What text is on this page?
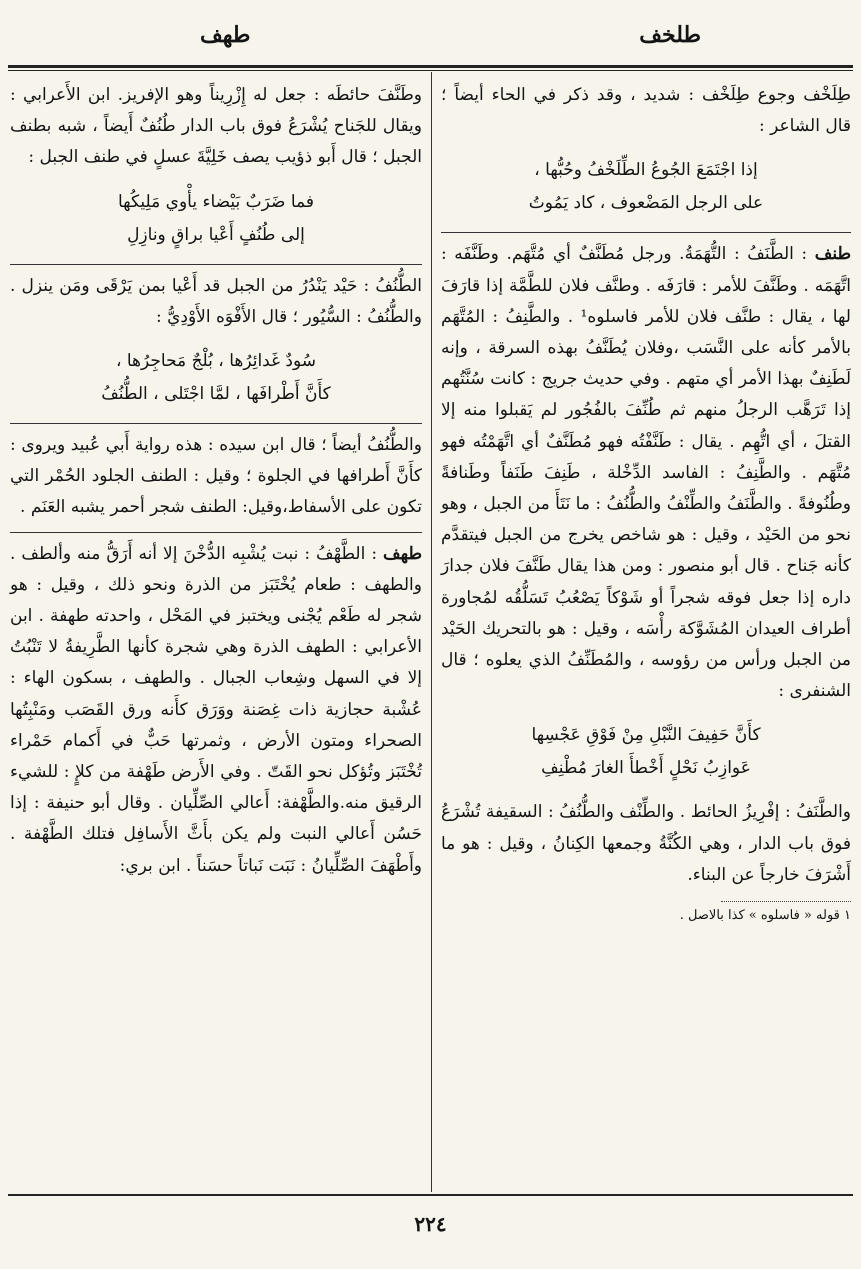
طلخف
طهف

طِلَخْف وجوع طِلَخْف : شديد ، وقد ذكر في الحاء أيضاً ؛ قال الشاعر :

إذا اجْتَمَعَ الجُوعُ الطِّلَخْفُ وحُبُّها ،
على الرجل المَضْعوف ، كاد يَمُوتُ

طنف : الطَّنَفُ : التُّهَمَةُ. ورجل مُطَنَّفٌ أي مُتَّهَم. وطَنَّفَه : اتَّهَمَه . وطَنَّفَ للأمر : قارَفَه . وطنَّف فلان للطَّمَّة إذا قارَفَ لها ، يقال : طنَّف فلان للأمر فاسلوه¹ . والطَّنِفُ : المُتَّهَم بالأمر كأنه على النَّسَب ،وفلان يُطَنَّفُ بهذه السرقة ، وإنه لَطَنِفٌ بهذا الأمر أي متهم . وفي حديث جريج : كانت سُنَّتُهم إذا تَرَهَّب الرجلُ منهم ثم طُنِّفَ بالفُجُور لم يَقبلوا منه إلا القتلَ ، أي اتُّهِم . يقال : طَنَّفْتُه فهو مُطَنَّفٌ أي اتَّهَمْتُه فهو مُتَّهَم . والطَّنِفُ : الفاسد الدِّخْلة ، طَنِفَ طَنَفاً وطَنافةً وطُنُوفةً . والطَّنَفُ والطِّنْفُ والطُّنُفُ : ما نَتَأَ من الجبل ، وهو نحو من الحَيْد ، وقيل : هو شاخص يخرج من الجبل فيتقدَّم كأنه جَناح . قال أبو منصور : ومن هذا يقال طَنَّفَ فلان جدارَ داره إذا جعل فوقه شجراً أو شَوْكاً يَصْعُبُ تَسَلُّقُه لمُجاورة أطراف العيدان المُشَوَّكة رأْسَه ، وقيل : هو بالتحريك الحَيْد من الجبل ورأس من رؤوسه ، والمُطَنِّفُ الذي يعلوه ؛ قال الشنفرى :

كأَنَّ حَفِيفَ النَّبْلِ مِنْ فَوْقِ عَجْسِها
عَوازِبُ نَحْلٍ أَخْطأَ الغارَ مُطْنِفِ

والطَّنَفُ : إفْرِيزُ الحائط . والطِّنْف والطُّنُفُ : السقيفة تُشْرَعُ فوق باب الدار ، وهي الكُنَّةُ وجمعها الكِنانُ ، وقيل : هو ما أَشْرَفَ خارجاً عن البناء.

١ قوله « فاسلوه » كذا بالاصل .

وطَنَّفَ حائطَه : جعل له إِزْرِيناً وهو الإفريز. ابن الأَعرابي : ويقال للجَناح يُشْرَعُ فوق باب الدار طُنُفٌ أَيضاً ، شبه بطنف الجبل ؛ قال أَبو ذؤيب يصف خَلِيَّةَ عسلٍ في طنف الجبل :

فما ضَرَبٌ بَيْضاء يأْوي مَلِيكُها
إلى طُنُفٍ أَعْيا براقٍ ونازِلِ

الطُّنُفُ : حَيْد يَنْدُرُ من الجبل قد أَعْيا بمن يَرْقَى ومَن ينزل . والطُّنُفُ : السُّيُور ؛ قال الأَفْوَه الأَوْدِيُّ :

سُودٌ غَدائِرُها ، بُلْجٌ مَحاجِرُها ،
كأَنَّ أَطْرافَها ، لمَّا اجْتَلى ، الطُّنُفُ

والطُّنُفُ أيضاً ؛ قال ابن سيده : هذه رواية أَبي عُبيد ويروى : كأَنَّ أَطرافها في الجلوة ؛ وقيل : الطنف الجلود الحُمْر التي تكون على الأسفاط،وقيل: الطنف شجر أحمر يشبه العَنَم .

طهف : الطَّهْفُ : نبت يُشْبِه الدُّخْنَ إلا أنه أَرَقُّ منه وألطف . والطهف : طعام يُخْتَبَز من الذرة ونحو ذلك ، وقيل : هو شجر له طَعْم يُجْنى ويختبز في المَحْل ، واحدته طهفة . ابن الأعرابي : الطهف الذرة وهي شجرة كأنها الطَّرِيفةُ لا تَنْبُتُ إلا في السهل وشِعاب الجبال . والطهف ، بسكون الهاء : عُشْبة حجازية ذات غِصَنة ووَرَق كأَنه ورق القَصَب ومَنْبِتُها الصحراء ومتون الأرض ، وثمرتها حَبٌّ في أَكمام حَمْراء تُخْتَبَز وتُؤكل نحو القَتّ . وفي الأَرض طَهْفة من كلإٍ : للشيء الرقيق منه.والطَّهْفة: أَعالي الصِّلِّيان . وقال أبو حنيفة : إذا حَسُن أَعالي النبت ولم يكن بأَثَّ الأَسافِل فتلك الطَّهْفة . وأَطْهَفَ الصِّلِّيانُ : نَبَت نَباتاً حسَناً . ابن بري:

٢٢٤
